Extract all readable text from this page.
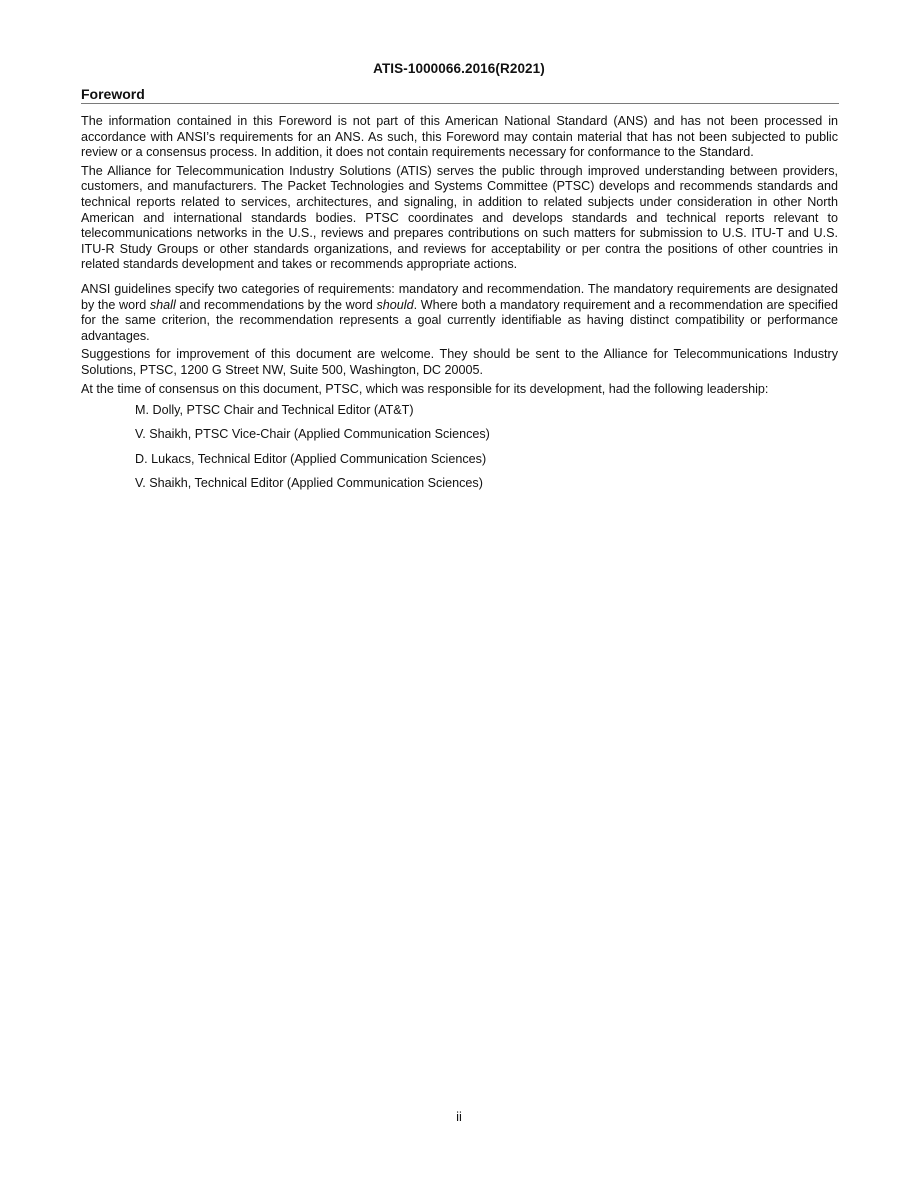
ATIS-1000066.2016(R2021)
Foreword

The information contained in this Foreword is not part of this American National Standard (ANS) and has not been processed in accordance with ANSI’s requirements for an ANS. As such, this Foreword may contain material that has not been subjected to public review or a consensus process. In addition, it does not contain requirements necessary for conformance to the Standard.

The Alliance for Telecommunication Industry Solutions (ATIS) serves the public through improved understanding between providers, customers, and manufacturers. The Packet Technologies and Systems Committee (PTSC) develops and recommends standards and technical reports related to services, architectures, and signaling, in addition to related subjects under consideration in other North American and international standards bodies. PTSC coordinates and develops standards and technical reports relevant to telecommunications networks in the U.S., reviews and prepares contributions on such matters for submission to U.S. ITU-T and U.S. ITU-R Study Groups or other standards organizations, and reviews for acceptability or per contra the positions of other countries in related standards development and takes or recommends appropriate actions.

ANSI guidelines specify two categories of requirements: mandatory and recommendation. The mandatory requirements are designated by the word shall and recommendations by the word should. Where both a mandatory requirement and a recommendation are specified for the same criterion, the recommendation represents a goal currently identifiable as having distinct compatibility or performance advantages.

Suggestions for improvement of this document are welcome. They should be sent to the Alliance for Telecommunications Industry Solutions, PTSC, 1200 G Street NW, Suite 500, Washington, DC 20005.

At the time of consensus on this document, PTSC, which was responsible for its development, had the following leadership:

M. Dolly, PTSC Chair and Technical Editor (AT&T)
V. Shaikh, PTSC Vice-Chair (Applied Communication Sciences)
D. Lukacs, Technical Editor (Applied Communication Sciences)
V. Shaikh, Technical Editor (Applied Communication Sciences)
ii
